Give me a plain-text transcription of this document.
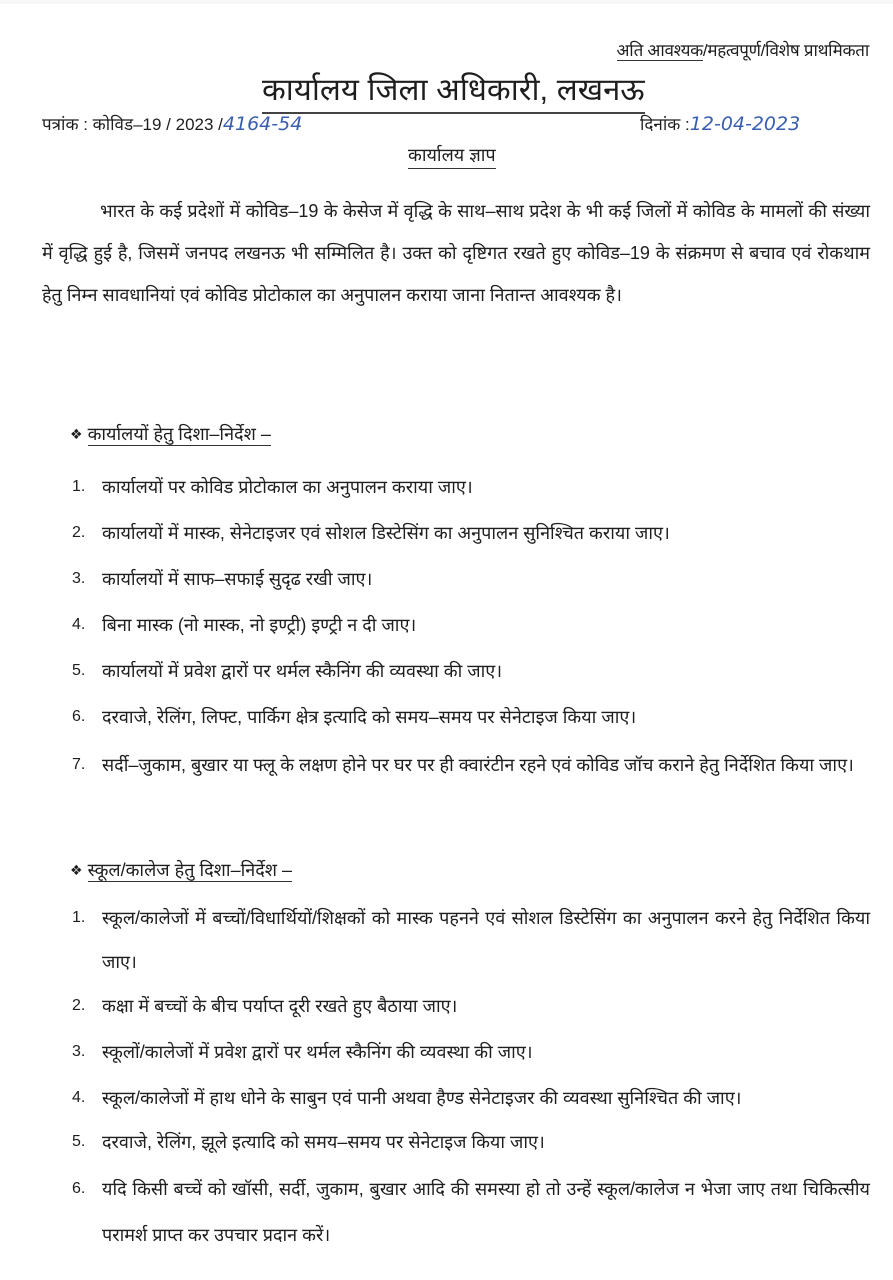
अति आवश्यक/महत्वपूर्ण/विशेष प्राथमिकता
कार्यालय जिला अधिकारी, लखनऊ
पत्रांक : कोविड–19 / 2023 /4164-54	दिनांक :12-04-2023
कार्यालय ज्ञाप

भारत के कई प्रदेशों में कोविड–19 के केसेज में वृद्धि के साथ–साथ प्रदेश के भी कई जिलों में कोविड के मामलों की संख्या में वृद्धि हुई है, जिसमें जनपद लखनऊ भी सम्मिलित है। उक्त को दृष्टिगत रखते हुए कोविड–19 के संक्रमण से बचाव एवं रोकथाम हेतु निम्न सावधानियां एवं कोविड प्रोटोकाल का अनुपालन कराया जाना नितान्त आवश्यक है।

❖ कार्यालयों हेतु दिशा–निर्देश –
1. कार्यालयों पर कोविड प्रोटोकाल का अनुपालन कराया जाए।
2. कार्यालयों में मास्क, सेनेटाइजर एवं सोशल डिस्टेसिंग का अनुपालन सुनिश्चित कराया जाए।
3. कार्यालयों में साफ–सफाई सुदृढ रखी जाए।
4. बिना मास्क (नो मास्क, नो इण्ट्री) इण्ट्री न दी जाए।
5. कार्यालयों में प्रवेश द्वारों पर थर्मल स्कैनिंग की व्यवस्था की जाए।
6. दरवाजे, रेलिंग, लिफ्ट, पार्किग क्षेत्र इत्यादि को समय–समय पर सेनेटाइज किया जाए।
7. सर्दी–जुकाम, बुखार या फ्लू के लक्षण होने पर घर पर ही क्वारंटीन रहने एवं कोविड जॉच कराने हेतु निर्देशित किया जाए।
❖ स्कूल/कालेज हेतु दिशा–निर्देश –
1. स्कूल/कालेजों में बच्चों/विधार्थियों/शिक्षकों को मास्क पहनने एवं सोशल डिस्टेसिंग का अनुपालन करने हेतु निर्देशित किया जाए।
2. कक्षा में बच्चों के बीच पर्याप्त दूरी रखते हुए बैठाया जाए।
3. स्कूलों/कालेजों में प्रवेश द्वारों पर थर्मल स्कैनिंग की व्यवस्था की जाए।
4. स्कूल/कालेजों में हाथ धोने के साबुन एवं पानी अथवा हैण्ड सेनेटाइजर की व्यवस्था सुनिश्चित की जाए।
5. दरवाजे, रेलिंग, झूले इत्यादि को समय–समय पर सेनेटाइज किया जाए।
6. यदि किसी बच्चें को खॉसी, सर्दी, जुकाम, बुखार आदि की समस्या हो तो उन्हें स्कूल/कालेज न भेजा जाए तथा चिकित्सीय परामर्श प्राप्त कर उपचार प्रदान करें।
